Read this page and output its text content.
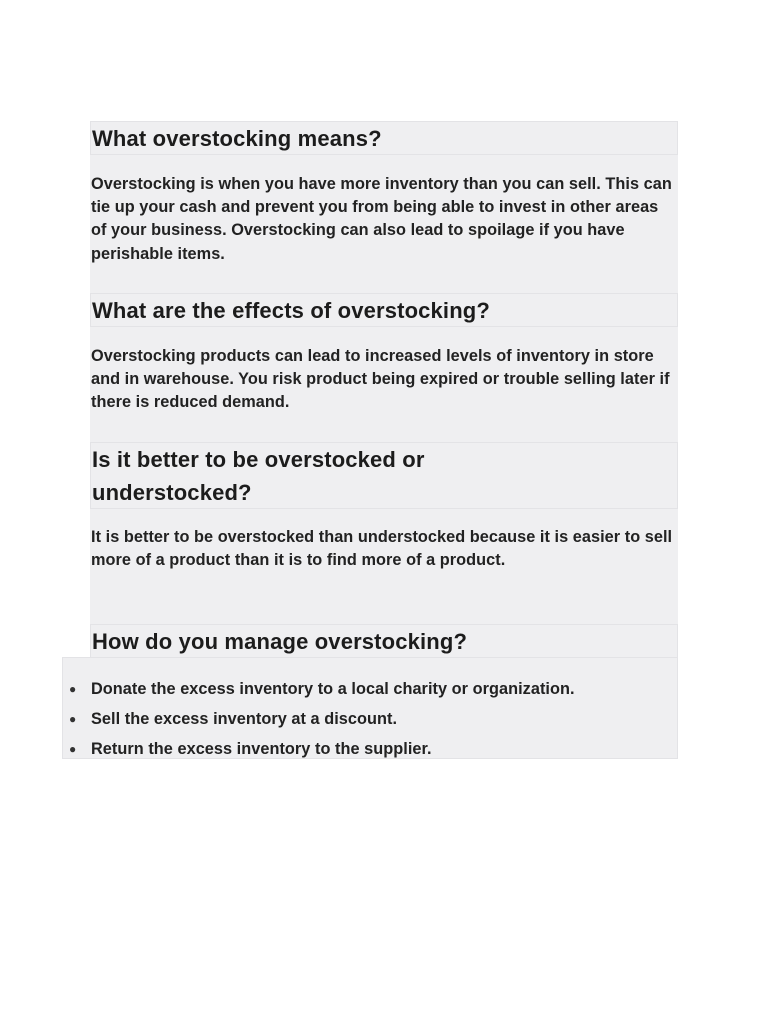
What overstocking means?

Overstocking is when you have more inventory than you can sell. This can tie up your cash and prevent you from being able to invest in other areas of your business. Overstocking can also lead to spoilage if you have perishable items.

What are the effects of overstocking?

Overstocking products can lead to increased levels of inventory in store and in warehouse. You risk product being expired or trouble selling later if there is reduced demand.

Is it better to be overstocked or understocked?

It is better to be overstocked than understocked because it is easier to sell more of a product than it is to find more of a product.

How do you manage overstocking?
● Donate the excess inventory to a local charity or organization.
● Sell the excess inventory at a discount.
● Return the excess inventory to the supplier.
